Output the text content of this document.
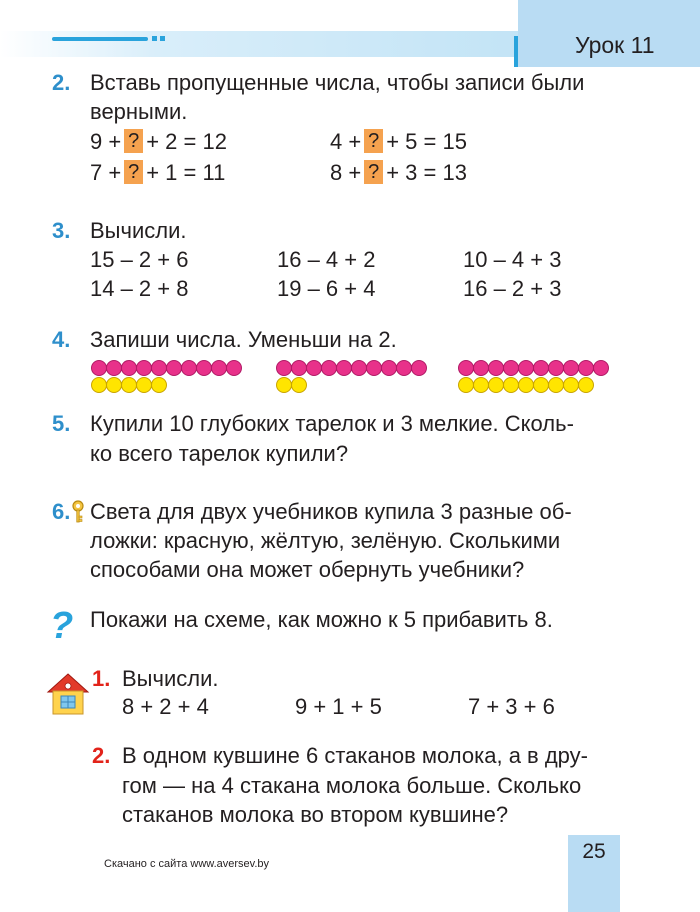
Урок 11
2. Вставь пропущенные числа, чтобы записи были
верными.
9 + ? + 2 = 12	4 + ? + 5 = 15
7 + ? + 1 = 11	8 + ? + 3 = 13
3. Вычисли.
15 – 2 + 6	16 – 4 + 2	10 – 4 + 3
14 – 2 + 8	19 – 6 + 4	16 – 2 + 3
4. Запиши числа. Уменьши на 2.
5. Купили 10 глубоких тарелок и 3 мелкие. Сколь-
ко всего тарелок купили?
6. Света для двух учебников купила 3 разные об-
ложки: красную, жёлтую, зелёную. Сколькими
способами она может обернуть учебники?
? Покажи на схеме, как можно к 5 прибавить 8.
1. Вычисли.
8 + 2 + 4	9 + 1 + 5	7 + 3 + 6
2. В одном кувшине 6 стаканов молока, а в дру-
гом — на 4 стакана молока больше. Сколько
стаканов молока во втором кувшине?
Скачано с сайта www.aversev.by
25
